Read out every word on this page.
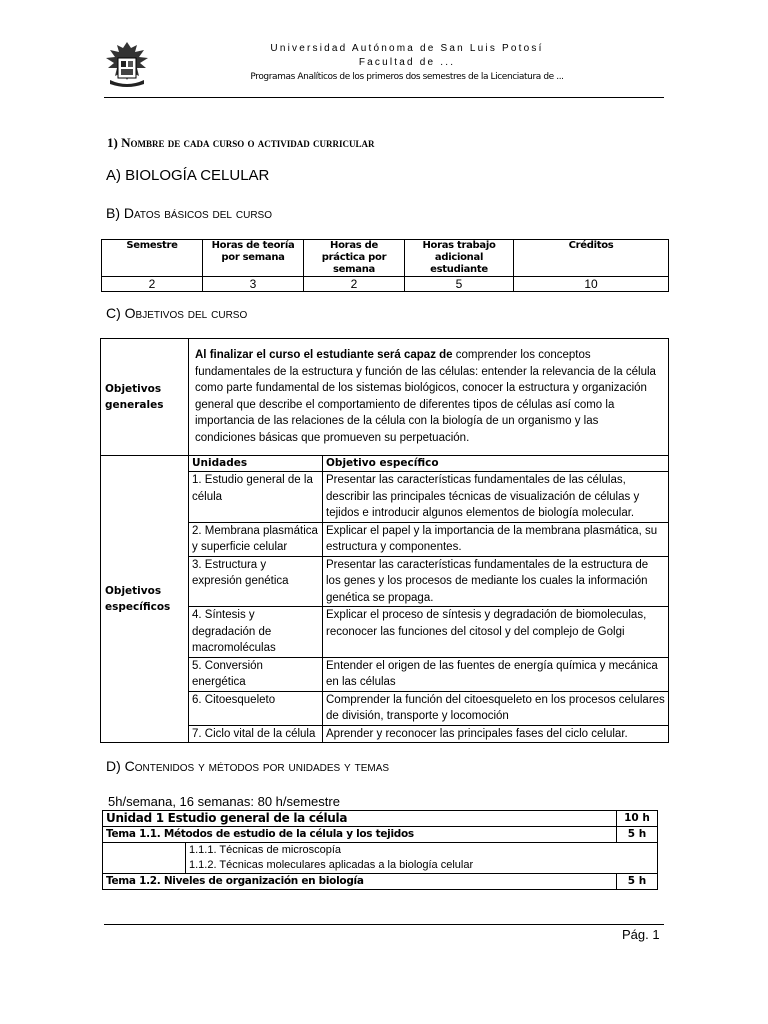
Universidad Autónoma de San Luis Potosí
Facultad de ...
Programas Analíticos de los primeros dos semestres de la Licenciatura de ...
1) Nombre de cada curso o actividad curricular
A) BIOLOGÍA CELULAR
B) Datos básicos del curso
Semestre	Horas de teoría por semana	Horas de práctica por semana	Horas trabajo adicional estudiante	Créditos
2	3	2	5	10
C) Objetivos del curso
Objetivos generales	Al finalizar el curso el estudiante será capaz de comprender los conceptos fundamentales de la estructura y función de las células: entender la relevancia de la célula como parte fundamental de los sistemas biológicos, conocer la estructura y organización general que describe el comportamiento de diferentes tipos de células así como la importancia de las relaciones de la célula con la biología de un organismo y las condiciones básicas que promueven su perpetuación.
Objetivos específicos	
Unidades	Objetivo específico
1. Estudio general de la célula	Presentar las características fundamentales de las células, describir las principales técnicas de visualización de células y tejidos e introducir algunos elementos de biología molecular.
2. Membrana plasmática y superficie celular	Explicar el papel y la importancia de la membrana plasmática, su estructura y componentes.
3. Estructura y expresión genética	Presentar las características fundamentales de la estructura de los genes y los procesos de mediante los cuales la información genética se propaga.
4. Síntesis y degradación de macromoléculas	Explicar el proceso de síntesis y degradación de biomoleculas, reconocer las funciones del citosol y del complejo de Golgi
5. Conversión energética	Entender el origen de las fuentes de energía química y mecánica en las células
6. Citoesqueleto	Comprender la función del citoesqueleto en los procesos celulares de división, transporte y locomoción
7. Ciclo vital de la célula	Aprender y reconocer las principales fases del ciclo celular.
D) Contenidos y métodos por unidades y temas
5h/semana, 16 semanas: 80 h/semestre
Unidad 1 Estudio general de la célula		10 h
Tema 1.1. Métodos de estudio de la célula y los tejidos		5 h
	1.1.1. Técnicas de microscopía	
	1.1.2. Técnicas moleculares aplicadas a la biología celular	
Tema 1.2. Niveles de organización en biología		5 h
Pág. 1
